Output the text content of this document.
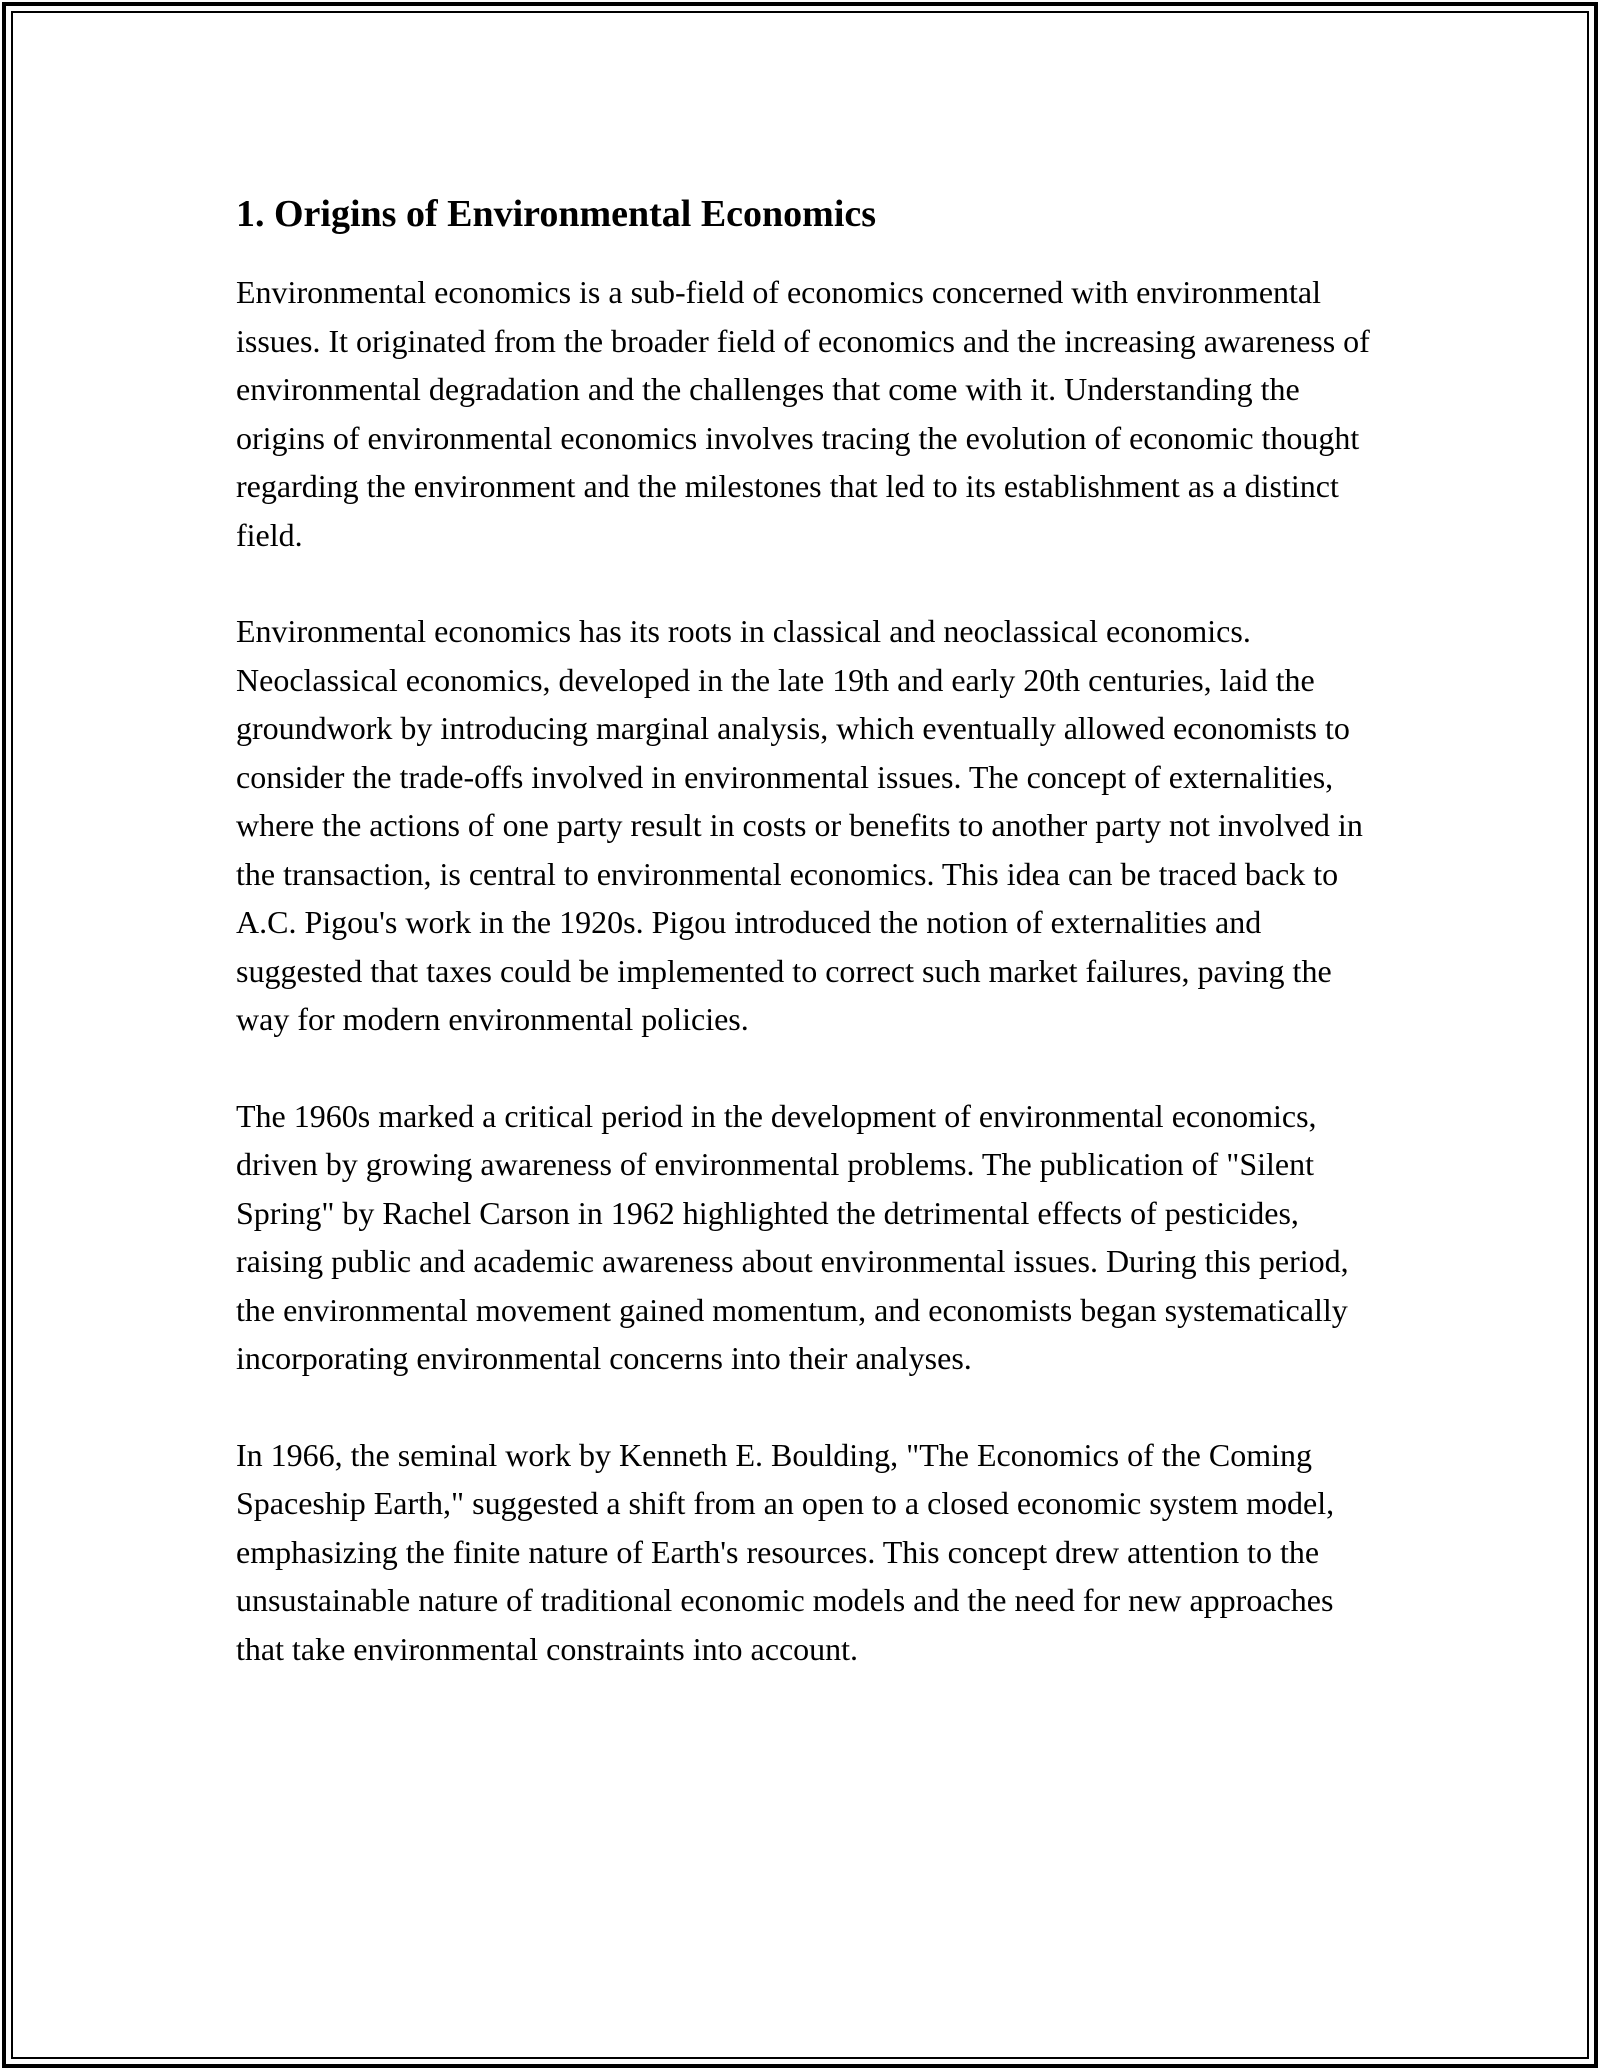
1. Origins of Environmental Economics

Environmental economics is a sub-field of economics concerned with environmental issues. It originated from the broader field of economics and the increasing awareness of environmental degradation and the challenges that come with it. Understanding the origins of environmental economics involves tracing the evolution of economic thought regarding the environment and the milestones that led to its establishment as a distinct field.

Environmental economics has its roots in classical and neoclassical economics. Neoclassical economics, developed in the late 19th and early 20th centuries, laid the groundwork by introducing marginal analysis, which eventually allowed economists to consider the trade-offs involved in environmental issues. The concept of externalities, where the actions of one party result in costs or benefits to another party not involved in the transaction, is central to environmental economics. This idea can be traced back to A.C. Pigou's work in the 1920s. Pigou introduced the notion of externalities and suggested that taxes could be implemented to correct such market failures, paving the way for modern environmental policies.

The 1960s marked a critical period in the development of environmental economics, driven by growing awareness of environmental problems. The publication of "Silent Spring" by Rachel Carson in 1962 highlighted the detrimental effects of pesticides, raising public and academic awareness about environmental issues. During this period, the environmental movement gained momentum, and economists began systematically incorporating environmental concerns into their analyses.

In 1966, the seminal work by Kenneth E. Boulding, "The Economics of the Coming Spaceship Earth," suggested a shift from an open to a closed economic system model, emphasizing the finite nature of Earth's resources. This concept drew attention to the unsustainable nature of traditional economic models and the need for new approaches that take environmental constraints into account.
